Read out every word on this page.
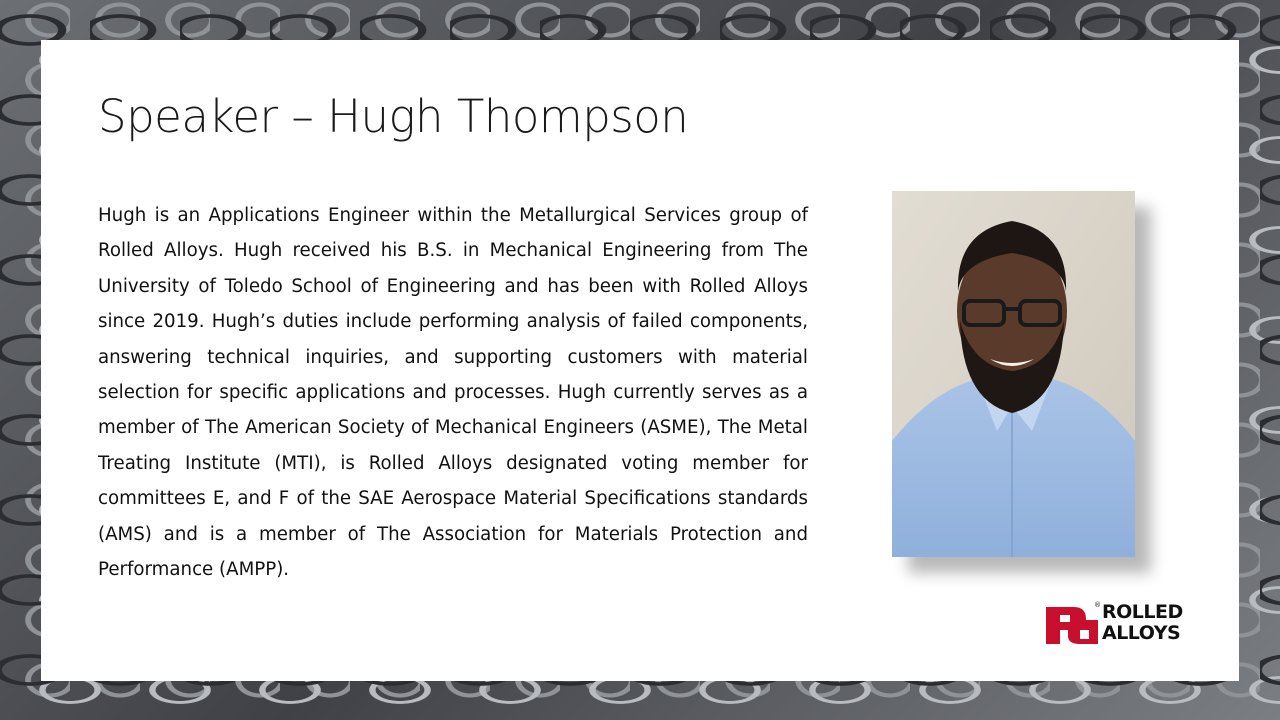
Speaker – Hugh Thompson

Hugh is an Applications Engineer within the Metallurgical Services group of Rolled Alloys. Hugh received his B.S. in Mechanical Engineering from The University of Toledo School of Engineering and has been with Rolled Alloys since 2019. Hugh’s duties include performing analysis of failed components, answering technical inquiries, and supporting customers with material selection for specific applications and processes. Hugh currently serves as a member of The American Society of Mechanical Engineers (ASME), The Metal Treating Institute (MTI), is Rolled Alloys designated voting member for committees E, and F of the SAE Aerospace Material Specifications standards (AMS) and is a member of The Association for Materials Protection and Performance (AMPP).

® ROLLED
ALLOYS
